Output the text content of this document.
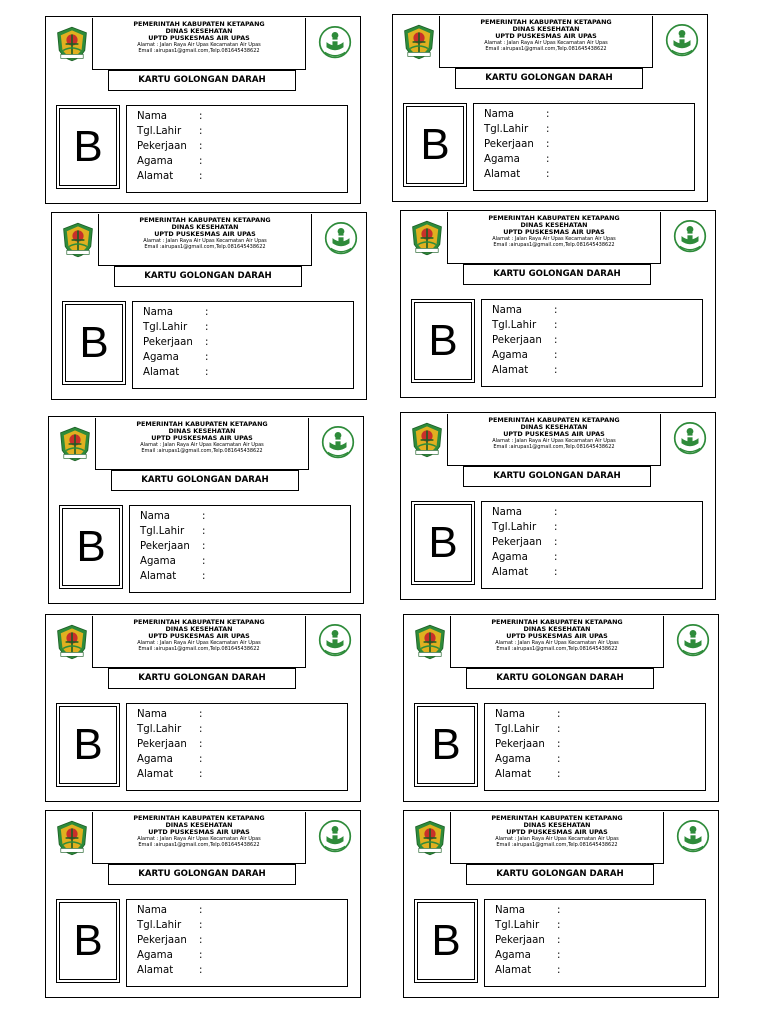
PEMERINTAH KABUPATEN KETAPANG
DINAS KESEHATAN
UPTD PUSKESMAS AIR UPAS
Alamat : Jalan Raya Air Upas Kecamatan Air Upas
Email :airupas1@gmail.com,Telp.081645438622
KARTU GOLONGAN DARAH
B
Nama	:
Tgl.Lahir :
Pekerjaan :
Agama	:
Alamat	:
PEMERINTAH KABUPATEN KETAPANG
DINAS KESEHATAN
UPTD PUSKESMAS AIR UPAS
Alamat : Jalan Raya Air Upas Kecamatan Air Upas
Email :airupas1@gmail.com,Telp.081645438622
KARTU GOLONGAN DARAH
B
Nama	:
Tgl.Lahir :
Pekerjaan :
Agama	:
Alamat	:
PEMERINTAH KABUPATEN KETAPANG
DINAS KESEHATAN
UPTD PUSKESMAS AIR UPAS
Alamat : Jalan Raya Air Upas Kecamatan Air Upas
Email :airupas1@gmail.com,Telp.081645438622
KARTU GOLONGAN DARAH
B
Nama	:
Tgl.Lahir :
Pekerjaan :
Agama	:
Alamat	:
PEMERINTAH KABUPATEN KETAPANG
DINAS KESEHATAN
UPTD PUSKESMAS AIR UPAS
Alamat : Jalan Raya Air Upas Kecamatan Air Upas
Email :airupas1@gmail.com,Telp.081645438622
KARTU GOLONGAN DARAH
B
Nama	:
Tgl.Lahir :
Pekerjaan :
Agama	:
Alamat	:
PEMERINTAH KABUPATEN KETAPANG
DINAS KESEHATAN
UPTD PUSKESMAS AIR UPAS
Alamat : Jalan Raya Air Upas Kecamatan Air Upas
Email :airupas1@gmail.com,Telp.081645438622
KARTU GOLONGAN DARAH
B
Nama	:
Tgl.Lahir :
Pekerjaan :
Agama	:
Alamat	:
PEMERINTAH KABUPATEN KETAPANG
DINAS KESEHATAN
UPTD PUSKESMAS AIR UPAS
Alamat : Jalan Raya Air Upas Kecamatan Air Upas
Email :airupas1@gmail.com,Telp.081645438622
KARTU GOLONGAN DARAH
B
Nama	:
Tgl.Lahir :
Pekerjaan :
Agama	:
Alamat	:
PEMERINTAH KABUPATEN KETAPANG
DINAS KESEHATAN
UPTD PUSKESMAS AIR UPAS
Alamat : Jalan Raya Air Upas Kecamatan Air Upas
Email :airupas1@gmail.com,Telp.081645438622
KARTU GOLONGAN DARAH
B
Nama	:
Tgl.Lahir :
Pekerjaan :
Agama	:
Alamat	:
PEMERINTAH KABUPATEN KETAPANG
DINAS KESEHATAN
UPTD PUSKESMAS AIR UPAS
Alamat : Jalan Raya Air Upas Kecamatan Air Upas
Email :airupas1@gmail.com,Telp.081645438622
KARTU GOLONGAN DARAH
B
Nama	:
Tgl.Lahir :
Pekerjaan :
Agama	:
Alamat	:
PEMERINTAH KABUPATEN KETAPANG
DINAS KESEHATAN
UPTD PUSKESMAS AIR UPAS
Alamat : Jalan Raya Air Upas Kecamatan Air Upas
Email :airupas1@gmail.com,Telp.081645438622
KARTU GOLONGAN DARAH
B
Nama	:
Tgl.Lahir :
Pekerjaan :
Agama	:
Alamat	:
PEMERINTAH KABUPATEN KETAPANG
DINAS KESEHATAN
UPTD PUSKESMAS AIR UPAS
Alamat : Jalan Raya Air Upas Kecamatan Air Upas
Email :airupas1@gmail.com,Telp.081645438622
KARTU GOLONGAN DARAH
B
Nama	:
Tgl.Lahir :
Pekerjaan :
Agama	:
Alamat	:
